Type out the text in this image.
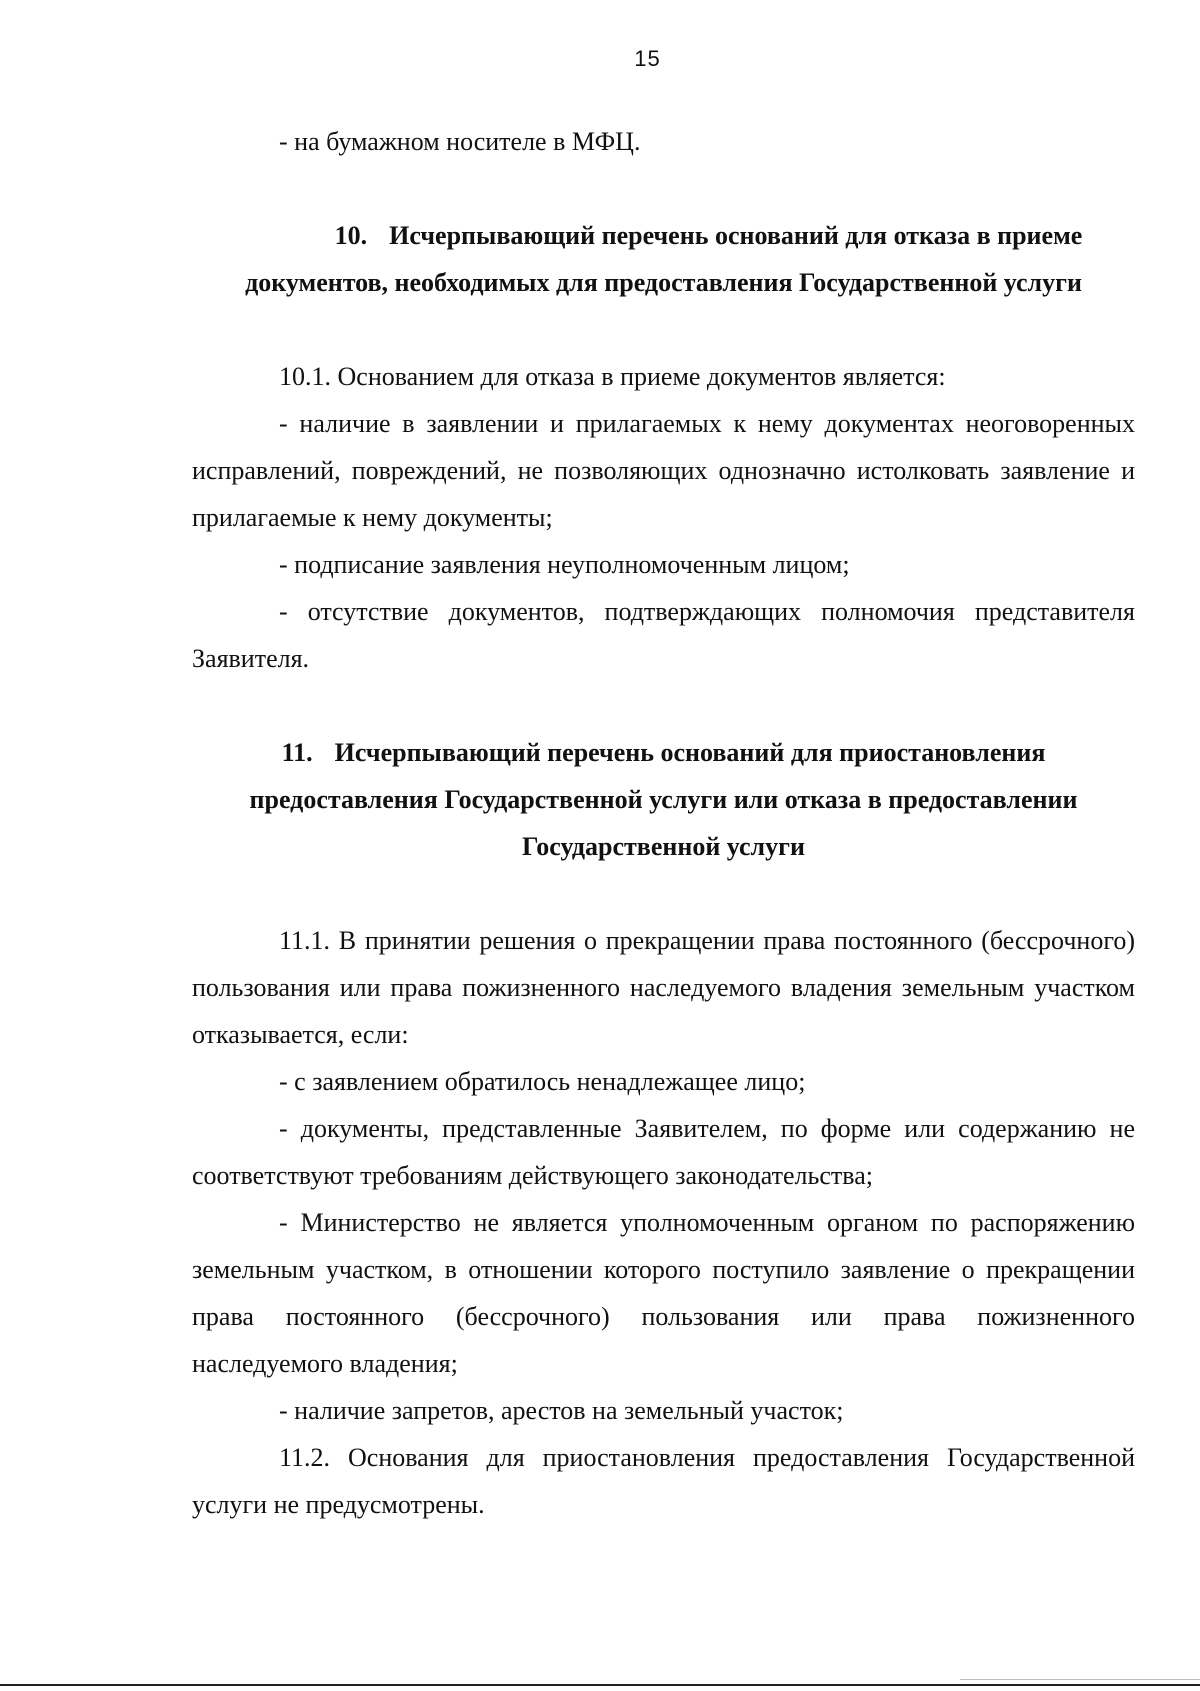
15

- на бумажном носителе в МФЦ.

10. Исчерпывающий перечень оснований для отказа в приеме документов, необходимых для предоставления Государственной услуги

10.1. Основанием для отказа в приеме документов является:

- наличие в заявлении и прилагаемых к нему документах неоговоренных исправлений, повреждений, не позволяющих однозначно истолковать заявление и прилагаемые к нему документы;

- подписание заявления неуполномоченным лицом;

- отсутствие документов, подтверждающих полномочия представителя Заявителя.

11. Исчерпывающий перечень оснований для приостановления предоставления Государственной услуги или отказа в предоставлении Государственной услуги

11.1. В принятии решения о прекращении права постоянного (бессрочного) пользования или права пожизненного наследуемого владения земельным участком отказывается, если:

- с заявлением обратилось ненадлежащее лицо;

- документы, представленные Заявителем, по форме или содержанию не соответствуют требованиям действующего законодательства;

- Министерство не является уполномоченным органом по распоряжению земельным участком, в отношении которого поступило заявление о прекращении права постоянного (бессрочного) пользования или права пожизненного наследуемого владения;

- наличие запретов, арестов на земельный участок;

11.2. Основания для приостановления предоставления Государственной услуги не предусмотрены.
